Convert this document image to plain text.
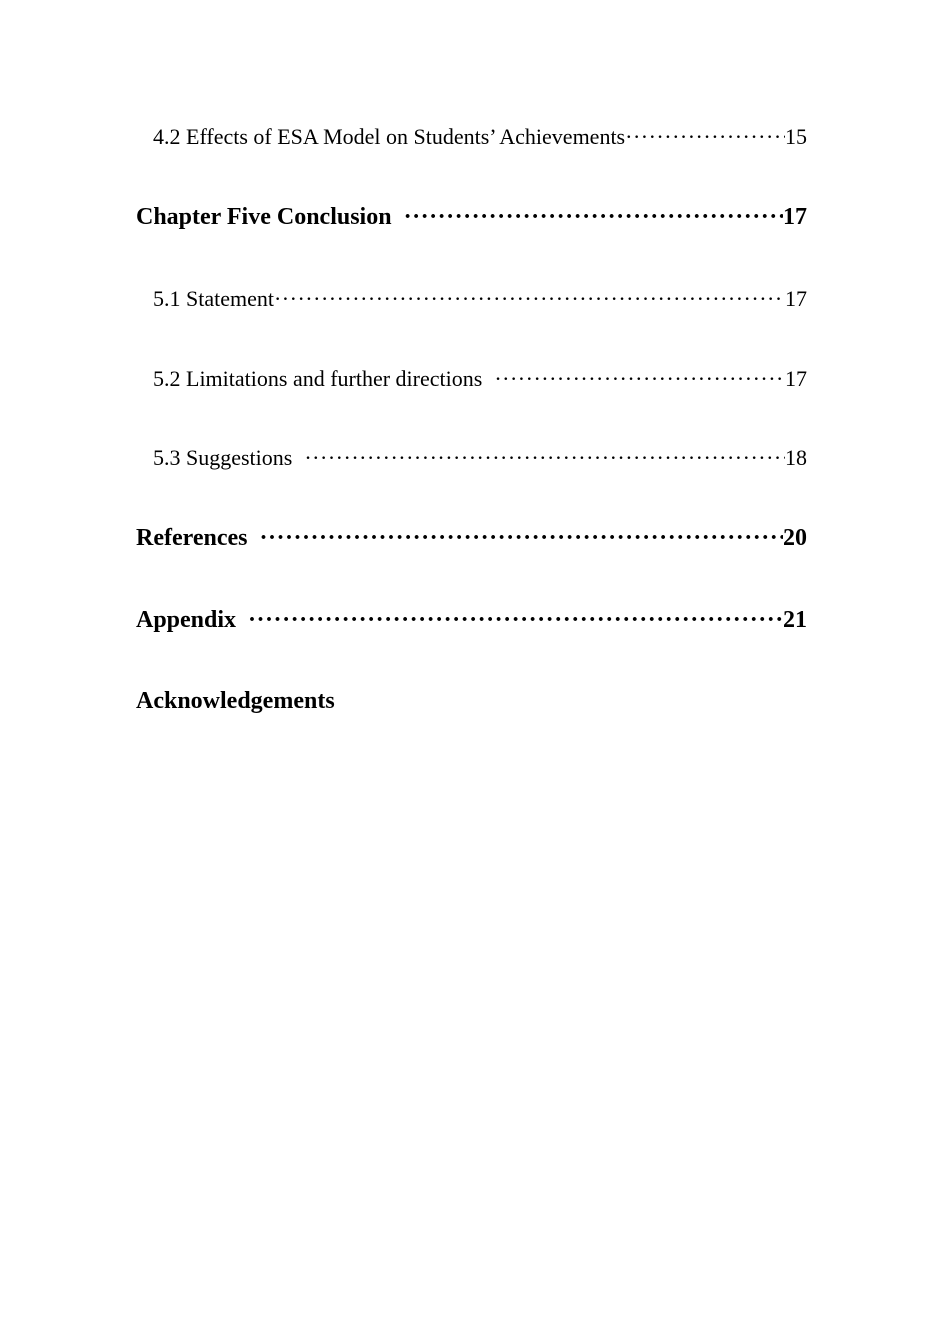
4.2 Effects of ESA Model on Students’ Achievements ·····	15
Chapter Five Conclusion ·····	17
5.1 Statement ·····	17
5.2 Limitations and further directions ·····	17
5.3 Suggestions ·····	18
References ·····	20
Appendix ·····	21
Acknowledgements
